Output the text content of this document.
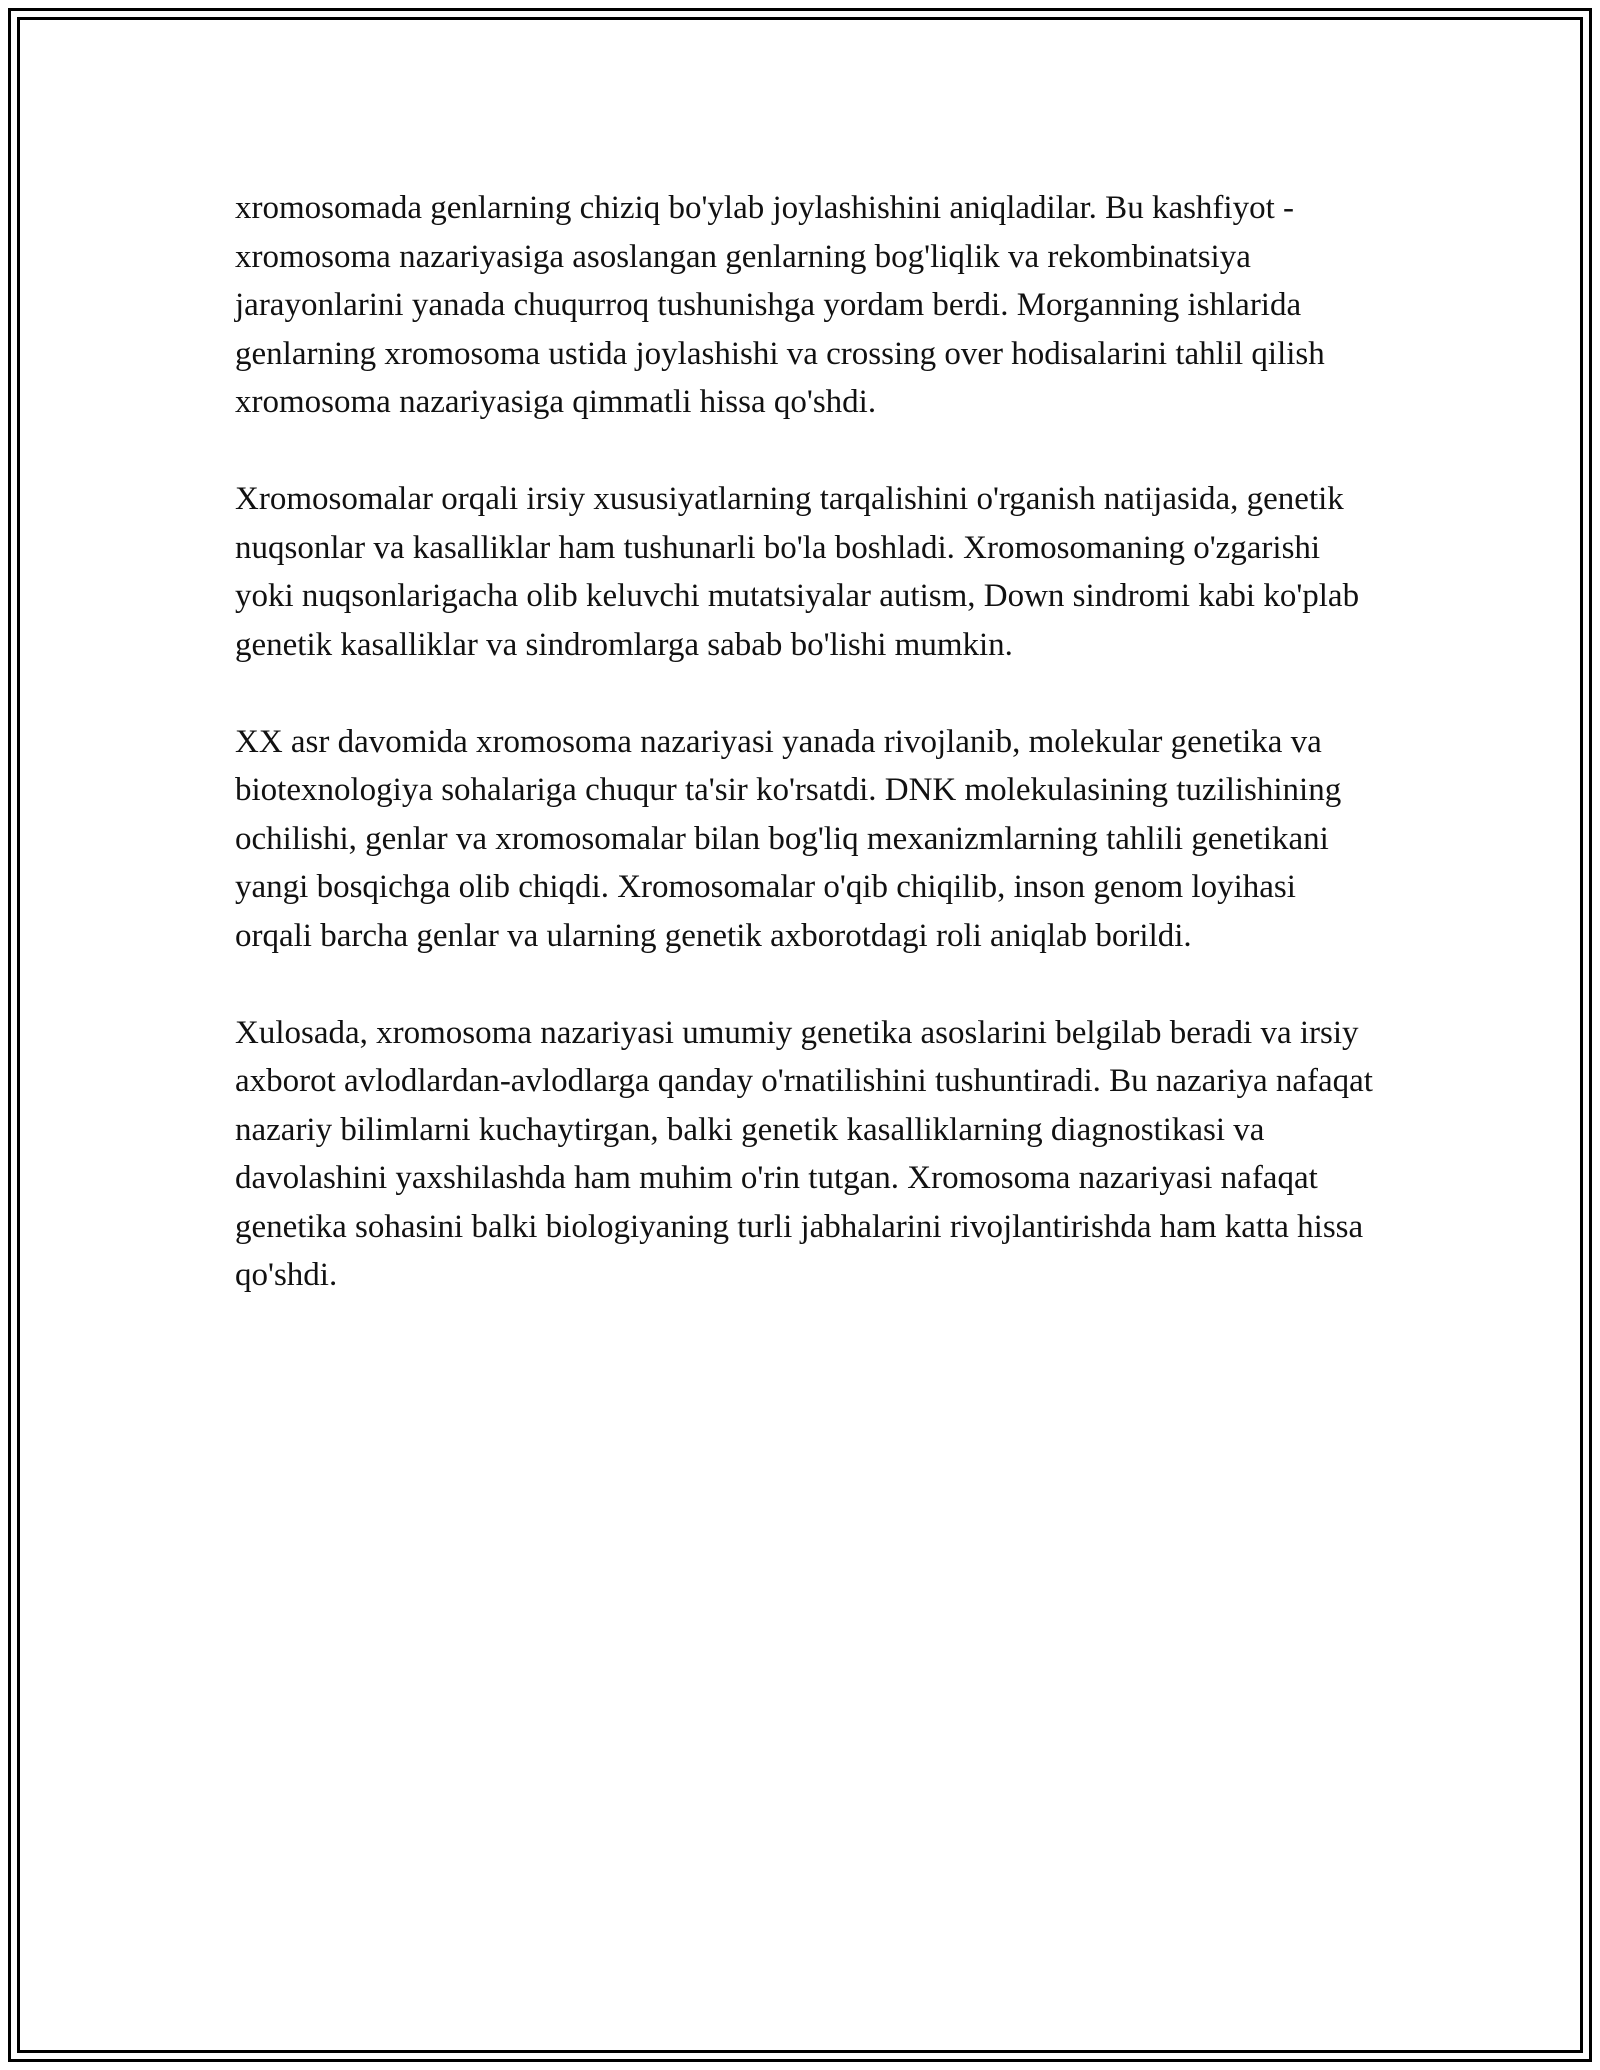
xromosomada genlarning chiziq bo'ylab joylashishini aniqladilar. Bu kashfiyot - xromosoma nazariyasiga asoslangan genlarning bog'liqlik va rekombinatsiya jarayonlarini yanada chuqurroq tushunishga yordam berdi. Morganning ishlarida genlarning xromosoma ustida joylashishi va crossing over hodisalarini tahlil qilish xromosoma nazariyasiga qimmatli hissa qo'shdi.

Xromosomalar orqali irsiy xususiyatlarning tarqalishini o'rganish natijasida, genetik nuqsonlar va kasalliklar ham tushunarli bo'la boshladi. Xromosomaning o'zgarishi yoki nuqsonlarigacha olib keluvchi mutatsiyalar autism, Down sindromi kabi ko'plab genetik kasalliklar va sindromlarga sabab bo'lishi mumkin.

XX asr davomida xromosoma nazariyasi yanada rivojlanib, molekular genetika va biotexnologiya sohalariga chuqur ta'sir ko'rsatdi. DNK molekulasining tuzilishining ochilishi, genlar va xromosomalar bilan bog'liq mexanizmlarning tahlili genetikani yangi bosqichga olib chiqdi. Xromosomalar o'qib chiqilib, inson genom loyihasi orqali barcha genlar va ularning genetik axborotdagi roli aniqlab borildi.

Xulosada, xromosoma nazariyasi umumiy genetika asoslarini belgilab beradi va irsiy axborot avlodlardan-avlodlarga qanday o'rnatilishini tushuntiradi. Bu nazariya nafaqat nazariy bilimlarni kuchaytirgan, balki genetik kasalliklarning diagnostikasi va davolashini yaxshilashda ham muhim o'rin tutgan. Xromosoma nazariyasi nafaqat genetika sohasini balki biologiyaning turli jabhalarini rivojlantirishda ham katta hissa qo'shdi.
